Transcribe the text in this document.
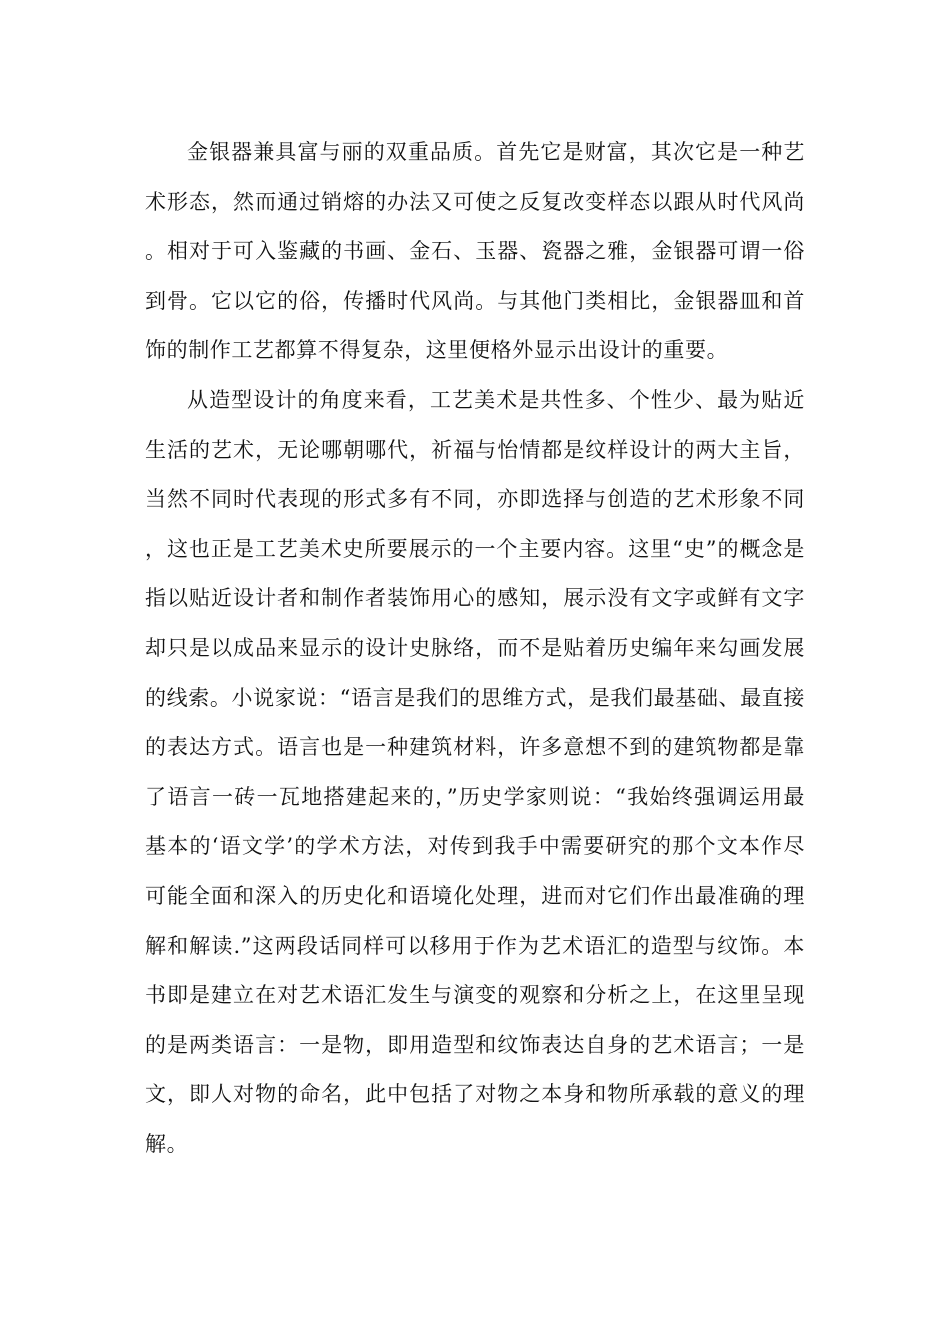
金银器兼具富与丽的双重品质。首先它是财富，其次它是一种艺术形态，然而通过销熔的办法又可使之反复改变样态以跟从时代风尚。相对于可入鉴藏的书画、金石、玉器、瓷器之雅，金银器可谓一俗到骨。它以它的俗，传播时代风尚。与其他门类相比，金银器皿和首饰的制作工艺都算不得复杂，这里便格外显示出设计的重要。

从造型设计的角度来看，工艺美术是共性多、个性少、最为贴近生活的艺术，无论哪朝哪代，祈福与怡情都是纹样设计的两大主旨，当然不同时代表现的形式多有不同，亦即选择与创造的艺术形象不同，这也正是工艺美术史所要展示的一个主要内容。这里“史”的概念是指以贴近设计者和制作者装饰用心的感知，展示没有文字或鲜有文字却只是以成品来显示的设计史脉络，而不是贴着历史编年来勾画发展的线索。小说家说：“语言是我们的思维方式，是我们最基础、最直接的表达方式。语言也是一种建筑材料，许多意想不到的建筑物都是靠了语言一砖一瓦地搭建起来的，”历史学家则说：“我始终强调运用最基本的‘语文学’的学术方法，对传到我手中需要研究的那个文本作尽可能全面和深入的历史化和语境化处理，进而对它们作出最准确的理解和解读.”这两段话同样可以移用于作为艺术语汇的造型与纹饰。本书即是建立在对艺术语汇发生与演变的观察和分析之上，在这里呈现的是两类语言：一是物，即用造型和纹饰表达自身的艺术语言；一是文，即人对物的命名，此中包括了对物之本身和物所承载的意义的理解。
